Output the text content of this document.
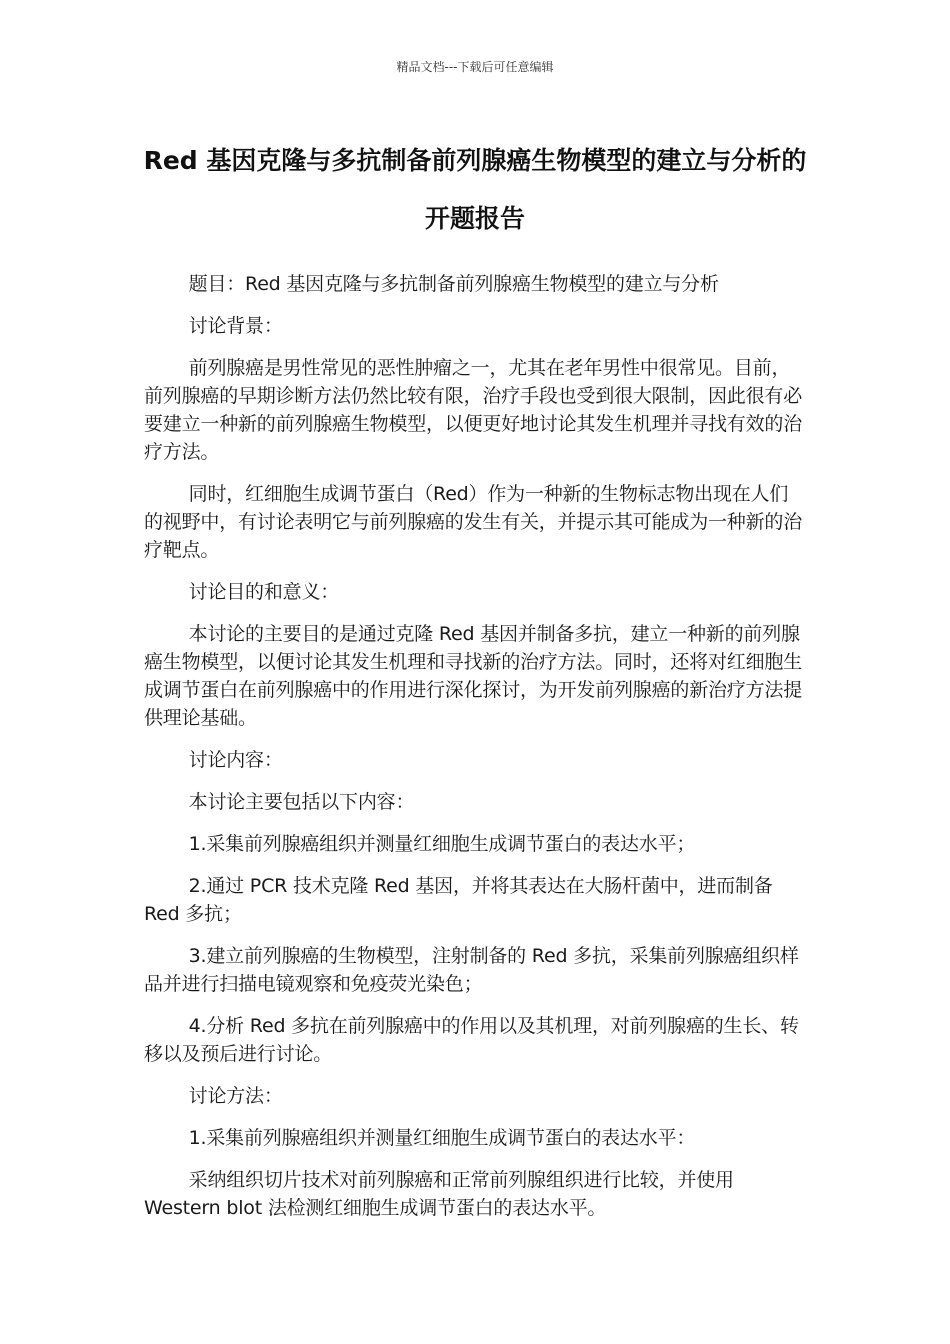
精品文档---下载后可任意编辑
Red 基因克隆与多抗制备前列腺癌生物模型的建立与分析的开题报告

题目：Red 基因克隆与多抗制备前列腺癌生物模型的建立与分析

讨论背景：

前列腺癌是男性常见的恶性肿瘤之一，尤其在老年男性中很常见。目前，前列腺癌的早期诊断方法仍然比较有限，治疗手段也受到很大限制，因此很有必要建立一种新的前列腺癌生物模型，以便更好地讨论其发生机理并寻找有效的治疗方法。

同时，红细胞生成调节蛋白（Red）作为一种新的生物标志物出现在人们的视野中，有讨论表明它与前列腺癌的发生有关，并提示其可能成为一种新的治疗靶点。

讨论目的和意义：

本讨论的主要目的是通过克隆 Red 基因并制备多抗，建立一种新的前列腺癌生物模型，以便讨论其发生机理和寻找新的治疗方法。同时，还将对红细胞生成调节蛋白在前列腺癌中的作用进行深化探讨，为开发前列腺癌的新治疗方法提供理论基础。

讨论内容：

本讨论主要包括以下内容：

1.采集前列腺癌组织并测量红细胞生成调节蛋白的表达水平；

2.通过 PCR 技术克隆 Red 基因，并将其表达在大肠杆菌中，进而制备 Red 多抗；

3.建立前列腺癌的生物模型，注射制备的 Red 多抗，采集前列腺癌组织样品并进行扫描电镜观察和免疫荧光染色；

4.分析 Red 多抗在前列腺癌中的作用以及其机理，对前列腺癌的生长、转移以及预后进行讨论。

讨论方法：

1.采集前列腺癌组织并测量红细胞生成调节蛋白的表达水平：

采纳组织切片技术对前列腺癌和正常前列腺组织进行比较，并使用 Western blot 法检测红细胞生成调节蛋白的表达水平。
